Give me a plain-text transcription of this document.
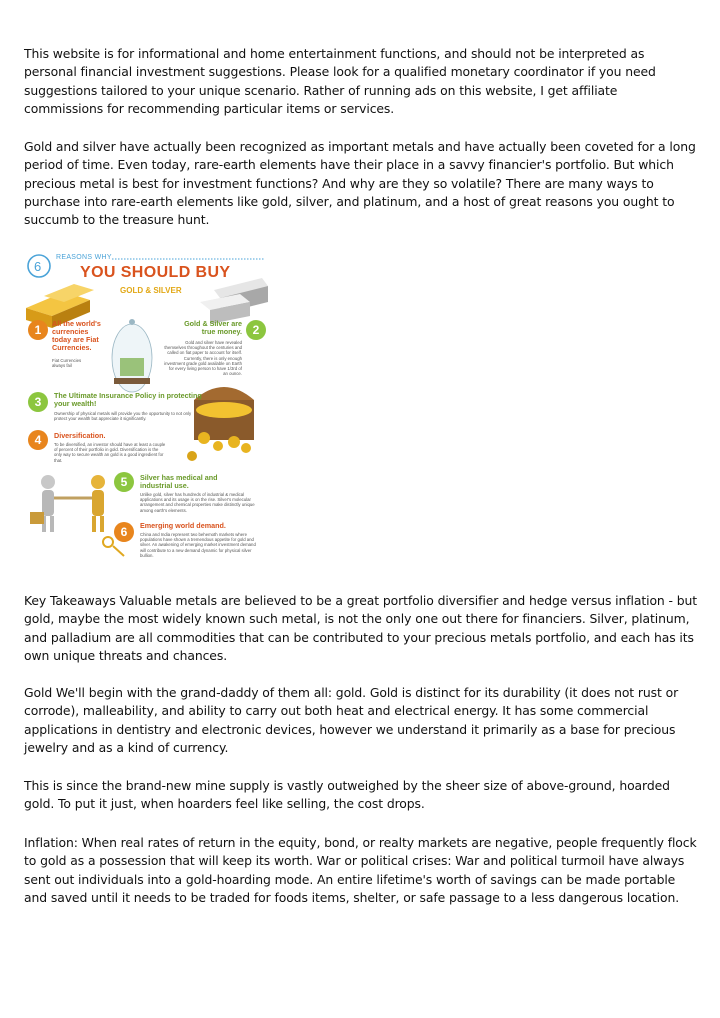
This website is for informational and home entertainment functions, and should not be interpreted as personal financial investment suggestions. Please look for a qualified monetary coordinator if you need suggestions tailored to your unique scenario. Rather of running ads on this website, I get affiliate commissions for recommending particular items or services.

Gold and silver have actually been recognized as important metals and have actually been coveted for a long period of time. Even today, rare-earth elements have their place in a savvy financier's portfolio. But which precious metal is best for investment functions? And why are they so volatile? There are many ways to purchase into rare-earth elements like gold, silver, and platinum, and a host of great reasons you ought to succumb to the treasure hunt.

6
REASONS WHY
YOU SHOULD BUY
GOLD & SILVER
1	All the world's currencies today are Fiat Currencies.
Fiat Currencies always fail
Gold & Silver are true money. 2
Gold and silver have revealed themselves throughout the centuries and called on fiat paper to account for itself. Currently, there is only enough investment grade gold available on Earth for every living person to have 1/3rd of an ounce.
3	The Ultimate Insurance Policy in protecting your wealth!
Ownership of physical metals will provide you the opportunity to not only protect your wealth but appreciate it significantly.
4	Diversification.
To be diversified, an investor should have at least a couple of percent of their portfolio in gold. Diversification is the only way to secure wealth an gold is a good ingredient for that.
5	Silver has medical and industrial use.
Unlike gold, silver has hundreds of industrial & medical applications and its usage is on the rise. Silver's molecular arrangement and chemical properties make distinctly unique among earth's elements.
6	Emerging world demand.
China and India represent two behemoth markets where populations have shown a tremendous appetite for gold and silver. An awakening of emerging market investment demand will contribute to a new demand dynamic for physical silver bullion.

Key Takeaways Valuable metals are believed to be a great portfolio diversifier and hedge versus inflation - but gold, maybe the most widely known such metal, is not the only one out there for financiers. Silver, platinum, and palladium are all commodities that can be contributed to your precious metals portfolio, and each has its own unique threats and chances.

Gold We'll begin with the grand-daddy of them all: gold. Gold is distinct for its durability (it does not rust or corrode), malleability, and ability to carry out both heat and electrical energy. It has some commercial applications in dentistry and electronic devices, however we understand it primarily as a base for precious jewelry and as a kind of currency.

This is since the brand-new mine supply is vastly outweighed by the sheer size of above-ground, hoarded gold. To put it just, when hoarders feel like selling, the cost drops.

Inflation: When real rates of return in the equity, bond, or realty markets are negative, people frequently flock to gold as a possession that will keep its worth. War or political crises: War and political turmoil have always sent out individuals into a gold-hoarding mode. An entire lifetime's worth of savings can be made portable and saved until it needs to be traded for foods items, shelter, or safe passage to a less dangerous location.
